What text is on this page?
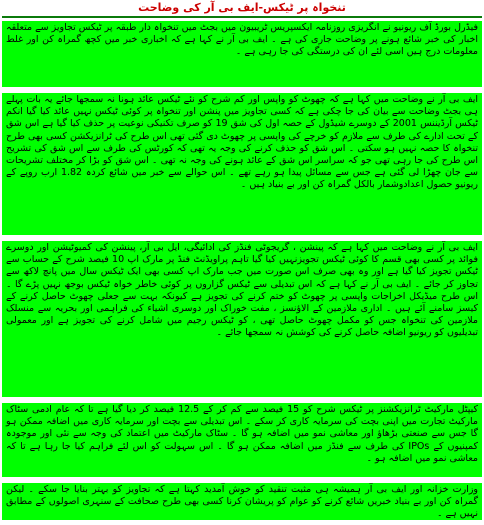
تنخواہ پر ٹیکس-ایف بی آر کی وضاحت
فیڈرل بورڈ آف ریونیو نے انگریزی روزنامہ ایکسپریس ٹریبیون میں بجٹ میں تنخواہ دار طبقہ پر ٹیکس تجاویز سے متعلقہ اخبار کی خبر شائع ہونے پر وضاحت جاری کی ہے ۔ ایف بی آر نے کہا ہے کہ اخباری خبر میں کچھ گمراہ کن اور غلط معلومات درج ہیں اسی لئے ان کی درستگی کی جا رہی ہے ۔
ایف بی آر نے وضاحت میں کہا ہے کہ چھوٹ کو واپس اور کم شرح کو نئے ٹیکس عائد ہونا نہ سمجھا جائے یہ بات پہلے ہی بجٹ وضاحت سے بیان کی جا چکی ہے کہ کسی تجاویز میں پنشن اور تنخواہ پر کوئی ٹیکس نہیں عائد کیا گیا انکم ٹیکس آرڈیننس 2001 کے دوسرے شیڈول کے حصہ اول کی شق 19 کو صرف تکنیکی نوعیت پر حذف کیا گیا ہے اس شق کے تحت ادارے کی طرف سے ملازم کو خرچے کی واپسی پر چھوٹ دی گئی تھی اس طرح کی ٹرانزیکشن کسی بھی طرح تنخواہ کا حصہ نہیں ہو سکتی ۔ اس شق کو حذف کرنے کی وجہ یہ تھی کہ کورٹس کی طرف سے اس شق کی تشریح اس طرح کی جا رہی تھی جو کہ سراسر اس شق کے عائد ہونے کی وجہ نہ تھی ۔ اس شق کو بڑا کر مختلف تشریحات سے جان چھڑا لی گئی ہے جس سے مسائل پیدا ہو رہے تھے ۔ اس حوالے سے خبر میں شائع کردہ 1.82 ارب روپے کے ریونیو حصول اعدادوشمار بالکل گمراہ کن اور بے بنیاد ہیں ۔
ایف بی آر نے وضاحت میں کہا ہے کہ پینشن ، گریجوٹی فنڈز کی ادائیگی، ایل بی آر، پینشن کی کمیوٹیشن اور دوسرے فوائد پر کسی بھی قسم کا کوئی ٹیکس تجویزنہیں کیا گیا تاہم پراویڈنٹ فنڈ پر مارک اپ 10 فیصد شرح کے حساب سے ٹیکس تجویز کیا گیا ہے اور وہ بھی صرف اس صورت میں جب مارک اپ کسی بھی ایک ٹیکس سال میں پانچ لاکھ سے تجاوز کر جائے ۔ ایف بی آر نے کہا ہے کہ اس تبدیلی سے ٹیکس گزاروں پر کوئی خاطر خواہ ٹیکس بوجھ نہیں پڑے گا ۔ اس طرح میڈیکل اخراجات واپسی پر چھوٹ کو ختم کرنے کی تجویز ہے کیونکہ بہت سے جعلی چھوٹ حاصل کرنے کے کیسز سامنے آئے ہیں ۔ اداری ملازمین کے الاؤنسز ، مفت خوراک اور دوسری اشیاء کی فراہمی اور بحریہ سے منسلک ملازمین کی تنخواہ جس کو مکمل چھوٹ حاصل تھی ، کو ٹیکس رجیم میں شامل کرنے کی تجویز ہے اور معمولی تبدیلیوں کو ریونیو اضافہ حاصل کرنے کی کوشش نہ سمجھا جائے ۔
کیپٹل مارکیٹ ٹرانزیکشنز پر ٹیکس شرح کو 15 فیصد سے کم کر کے 12.5 فیصد کر دیا گیا ہے تا کہ عام ادمی سٹاک مارکیٹ تجارت میں اپنی بچت کی سرمایہ کاری کر سکے ۔ اس تبدیلی سے بچت اور سرمایہ کاری میں اضافہ ممکن ہو گا جس سے صنعتی بڑھاؤ اور معاشی نمو میں اضافہ ہو گا ۔ سٹاک مارکیٹ میں اعتماد کی وجہ سے نئی اور موجودہ کمپنیوں کے IPOs کی طرف سے فنڈز میں اضافہ ممکن ہو گا ۔ اس سہولت کو اس لئے فراہم کیا جا رہا ہے تا کہ معاشی نمو میں اضافہ ہو ۔
وزارت خزانہ اور ایف بی آر ہمیشہ ہی مثبت تنقید کو خوش آمدید کہتا ہے کہ تجاویز کو بہتر بنایا جا سکے ۔ لیکن گمراہ کن اور بے بنیاد خبریں شائع کرنے کو عوام کو پریشان کرنا کسی بھی طرح صحافت کے سنہری اصولوں کے مطابق نہیں ہے ۔
